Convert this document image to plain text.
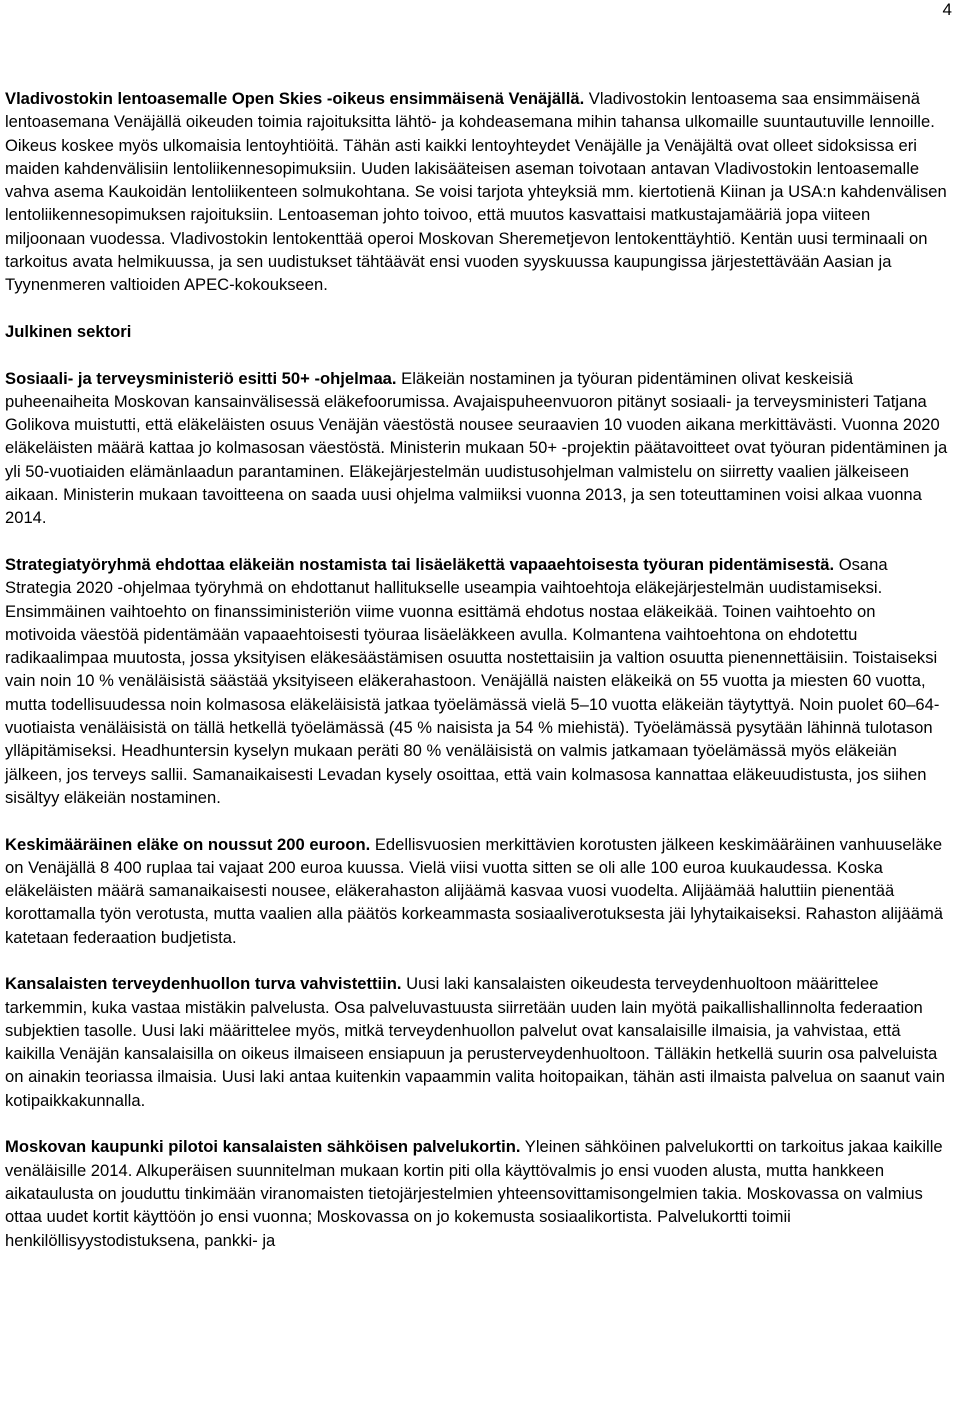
4

Vladivostokin lentoasemalle Open Skies -oikeus ensimmäisenä Venäjällä. Vladivostokin lentoasema saa ensimmäisenä lentoasemana Venäjällä oikeuden toimia rajoituksitta lähtö- ja kohdeasemana mihin tahansa ulkomaille suuntautuville lennoille. Oikeus koskee myös ulkomaisia lentoyhtiöitä. Tähän asti kaikki lentoyhteydet Venäjälle ja Venäjältä ovat olleet sidoksissa eri maiden kahdenvälisiin lentoliikennesopimuksiin. Uuden lakisääteisen aseman toivotaan antavan Vladivostokin lentoasemalle vahva asema Kaukoidän lentoliikenteen solmukohtana. Se voisi tarjota yhteyksiä mm. kiertotienä Kiinan ja USA:n kahdenvälisen lentoliikennesopimuksen rajoituksiin. Lentoaseman johto toivoo, että muutos kasvattaisi matkustajamääriä jopa viiteen miljoonaan vuodessa. Vladivostokin lentokenttää operoi Moskovan Sheremetjevon lentokenttäyhtiö. Kentän uusi terminaali on tarkoitus avata helmikuussa, ja sen uudistukset tähtäävät ensi vuoden syyskuussa kaupungissa järjestettävään Aasian ja Tyynenmeren valtioiden APEC-kokoukseen.

Julkinen sektori

Sosiaali- ja terveysministeriö esitti 50+ -ohjelmaa. Eläkeiän nostaminen ja työuran pidentäminen olivat keskeisiä puheenaiheita Moskovan kansainvälisessä eläkefoorumissa. Avajaispuheenvuoron pitänyt sosiaali- ja terveysministeri Tatjana Golikova muistutti, että eläkeläisten osuus Venäjän väestöstä nousee seuraavien 10 vuoden aikana merkittävästi. Vuonna 2020 eläkeläisten määrä kattaa jo kolmasosan väestöstä. Ministerin mukaan 50+ -projektin päätavoitteet ovat työuran pidentäminen ja yli 50-vuotiaiden elämänlaadun parantaminen. Eläkejärjestelmän uudistusohjelman valmistelu on siirretty vaalien jälkeiseen aikaan. Ministerin mukaan tavoitteena on saada uusi ohjelma valmiiksi vuonna 2013, ja sen toteuttaminen voisi alkaa vuonna 2014.

Strategiatyöryhmä ehdottaa eläkeiän nostamista tai lisäeläkettä vapaaehtoisesta työuran pidentämisestä. Osana Strategia 2020 -ohjelmaa työryhmä on ehdottanut hallitukselle useampia vaihtoehtoja eläkejärjestelmän uudistamiseksi. Ensimmäinen vaihtoehto on finanssiministeriön viime vuonna esittämä ehdotus nostaa eläkeikää. Toinen vaihtoehto on motivoida väestöä pidentämään vapaaehtoisesti työuraa lisäeläkkeen avulla. Kolmantena vaihtoehtona on ehdotettu radikaalimpaa muutosta, jossa yksityisen eläkesäästämisen osuutta nostettaisiin ja valtion osuutta pienennettäisiin. Toistaiseksi vain noin 10 % venäläisistä säästää yksityiseen eläkerahastoon. Venäjällä naisten eläkeikä on 55 vuotta ja miesten 60 vuotta, mutta todellisuudessa noin kolmasosa eläkeläisistä jatkaa työelämässä vielä 5–10 vuotta eläkeiän täytyttyä. Noin puolet 60–64-vuotiaista venäläisistä on tällä hetkellä työelämässä (45 % naisista ja 54 % miehistä). Työelämässä pysytään lähinnä tulotason ylläpitämiseksi. Headhuntersin kyselyn mukaan peräti 80 % venäläisistä on valmis jatkamaan työelämässä myös eläkeiän jälkeen, jos terveys sallii. Samanaikaisesti Levadan kysely osoittaa, että vain kolmasosa kannattaa eläkeuudistusta, jos siihen sisältyy eläkeiän nostaminen.

Keskimääräinen eläke on noussut 200 euroon. Edellisvuosien merkittävien korotusten jälkeen keskimääräinen vanhuuseläke on Venäjällä 8 400 ruplaa tai vajaat 200 euroa kuussa. Vielä viisi vuotta sitten se oli alle 100 euroa kuukaudessa. Koska eläkeläisten määrä samanaikaisesti nousee, eläkerahaston alijäämä kasvaa vuosi vuodelta. Alijäämää haluttiin pienentää korottamalla työn verotusta, mutta vaalien alla päätös korkeammasta sosiaaliverotuksesta jäi lyhytaikaiseksi. Rahaston alijäämä katetaan federaation budjetista.

Kansalaisten terveydenhuollon turva vahvistettiin. Uusi laki kansalaisten oikeudesta terveydenhuoltoon määrittelee tarkemmin, kuka vastaa mistäkin palvelusta. Osa palveluvastuusta siirretään uuden lain myötä paikallishallinnolta federaation subjektien tasolle. Uusi laki määrittelee myös, mitkä terveydenhuollon palvelut ovat kansalaisille ilmaisia, ja vahvistaa, että kaikilla Venäjän kansalaisilla on oikeus ilmaiseen ensiapuun ja perusterveydenhuoltoon. Tälläkin hetkellä suurin osa palveluista on ainakin teoriassa ilmaisia. Uusi laki antaa kuitenkin vapaammin valita hoitopaikan, tähän asti ilmaista palvelua on saanut vain kotipaikkakunnalla.

Moskovan kaupunki pilotoi kansalaisten sähköisen palvelukortin. Yleinen sähköinen palvelukortti on tarkoitus jakaa kaikille venäläisille 2014. Alkuperäisen suunnitelman mukaan kortin piti olla käyttövalmis jo ensi vuoden alusta, mutta hankkeen aikataulusta on jouduttu tinkimään viranomaisten tietojärjestelmien yhteensovittamisongelmien takia. Moskovassa on valmius ottaa uudet kortit käyttöön jo ensi vuonna; Moskovassa on jo kokemusta sosiaalikortista. Palvelukortti toimii henkilöllisyystodistuksena, pankki- ja
